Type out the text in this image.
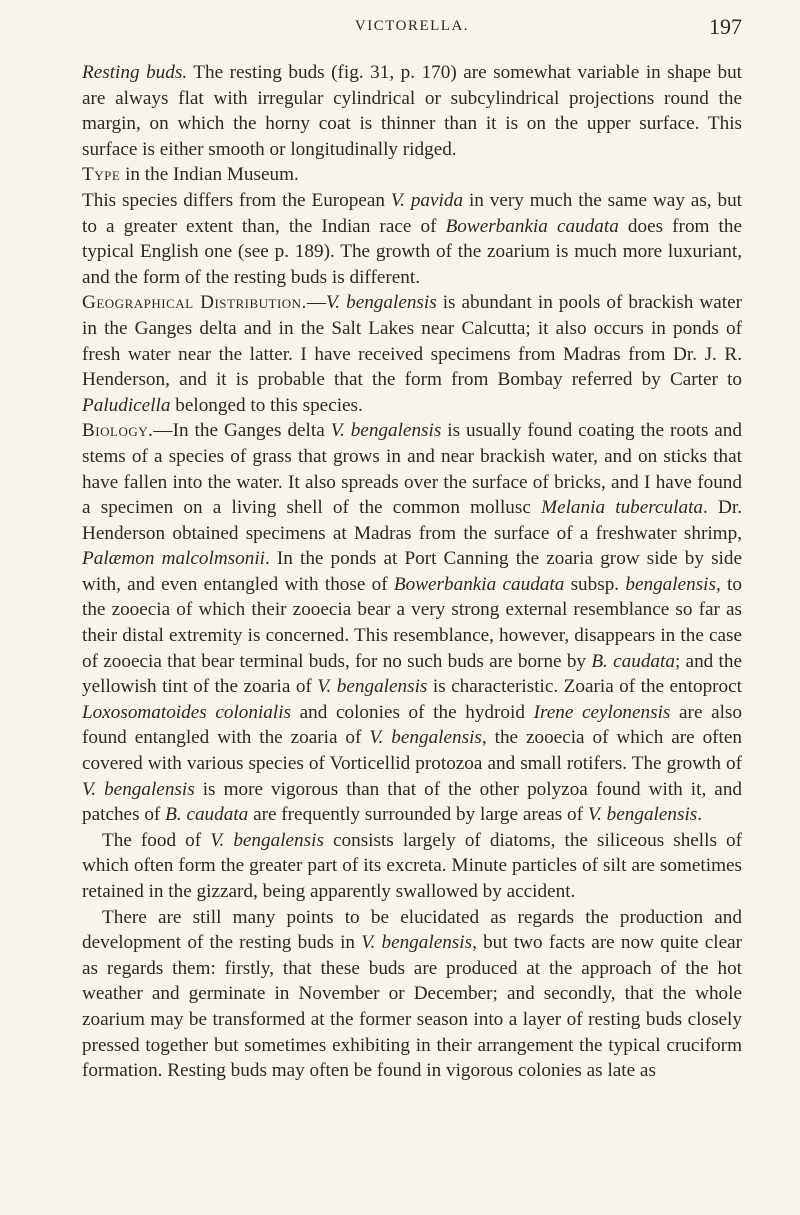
VICTORELLA.	197

Resting buds. The resting buds (fig. 31, p. 170) are somewhat variable in shape but are always flat with irregular cylindrical or subcylindrical projections round the margin, on which the horny coat is thinner than it is on the upper surface. This surface is either smooth or longitudinally ridged.

Type in the Indian Museum.

This species differs from the European V. pavida in very much the same way as, but to a greater extent than, the Indian race of Bowerbankia caudata does from the typical English one (see p. 189). The growth of the zoarium is much more luxuriant, and the form of the resting buds is different.

Geographical Distribution.—V. bengalensis is abundant in pools of brackish water in the Ganges delta and in the Salt Lakes near Calcutta; it also occurs in ponds of fresh water near the latter. I have received specimens from Madras from Dr. J. R. Henderson, and it is probable that the form from Bombay referred by Carter to Paludicella belonged to this species.

Biology.—In the Ganges delta V. bengalensis is usually found coating the roots and stems of a species of grass that grows in and near brackish water, and on sticks that have fallen into the water. It also spreads over the surface of bricks, and I have found a specimen on a living shell of the common mollusc Melania tuberculata. Dr. Henderson obtained specimens at Madras from the surface of a freshwater shrimp, Palæmon malcolmsonii. In the ponds at Port Canning the zoaria grow side by side with, and even entangled with those of Bowerbankia caudata subsp. bengalensis, to the zooecia of which their zooecia bear a very strong external resemblance so far as their distal extremity is concerned. This resemblance, however, disappears in the case of zooecia that bear terminal buds, for no such buds are borne by B. caudata; and the yellowish tint of the zoaria of V. bengalensis is characteristic. Zoaria of the entoproct Loxosomatoides colonialis and colonies of the hydroid Irene ceylonensis are also found entangled with the zoaria of V. bengalensis, the zooecia of which are often covered with various species of Vorticellid protozoa and small rotifers. The growth of V. bengalensis is more vigorous than that of the other polyzoa found with it, and patches of B. caudata are frequently surrounded by large areas of V. bengalensis.

The food of V. bengalensis consists largely of diatoms, the siliceous shells of which often form the greater part of its excreta. Minute particles of silt are sometimes retained in the gizzard, being apparently swallowed by accident.

There are still many points to be elucidated as regards the production and development of the resting buds in V. bengalensis, but two facts are now quite clear as regards them: firstly, that these buds are produced at the approach of the hot weather and germinate in November or December; and secondly, that the whole zoarium may be transformed at the former season into a layer of resting buds closely pressed together but sometimes exhibiting in their arrangement the typical cruciform formation. Resting buds may often be found in vigorous colonies as late as
